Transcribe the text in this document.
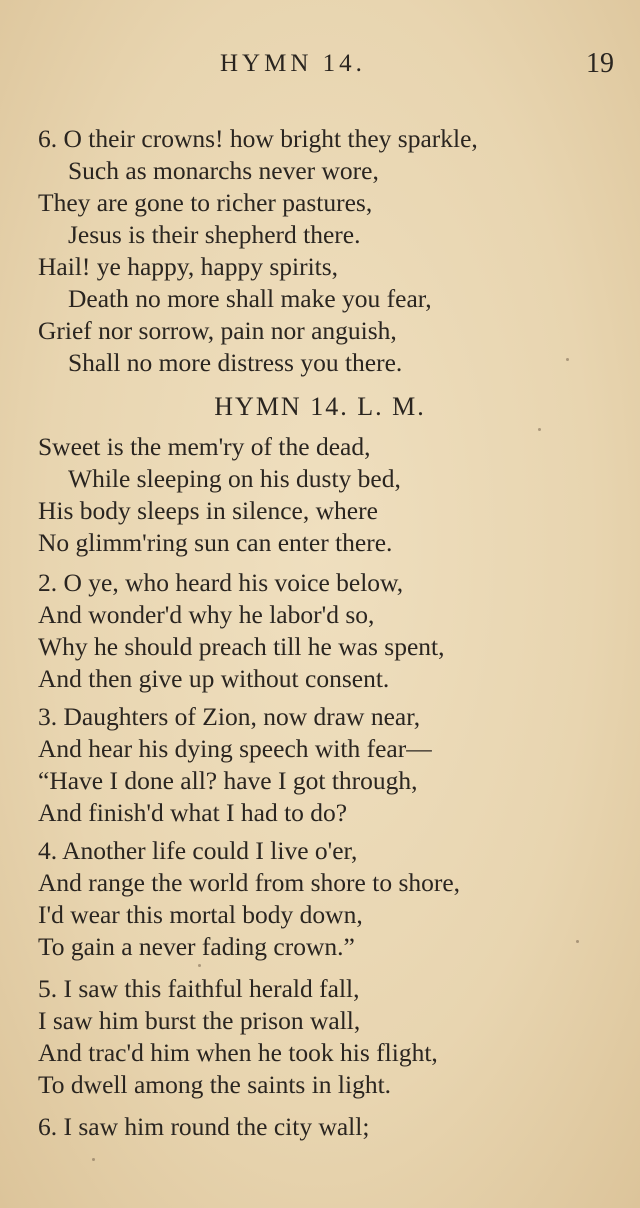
HYMN 14.	19
6. O their crowns! how bright they sparkle,
Such as monarchs never wore,
They are gone to richer pastures,
Jesus is their shepherd there.
Hail! ye happy, happy spirits,
Death no more shall make you fear,
Grief nor sorrow, pain nor anguish,
Shall no more distress you there.
HYMN 14. L. M.
Sweet is the mem'ry of the dead,
While sleeping on his dusty bed,
His body sleeps in silence, where
No glimm'ring sun can enter there.
2. O ye, who heard his voice below,
And wonder'd why he labor'd so,
Why he should preach till he was spent,
And then give up without consent.
3. Daughters of Zion, now draw near,
And hear his dying speech with fear—
“Have I done all? have I got through,
And finish'd what I had to do?
4. Another life could I live o'er,
And range the world from shore to shore,
I'd wear this mortal body down,
To gain a never fading crown.”
5. I saw this faithful herald fall,
I saw him burst the prison wall,
And trac'd him when he took his flight,
To dwell among the saints in light.
6. I saw him round the city wall;
